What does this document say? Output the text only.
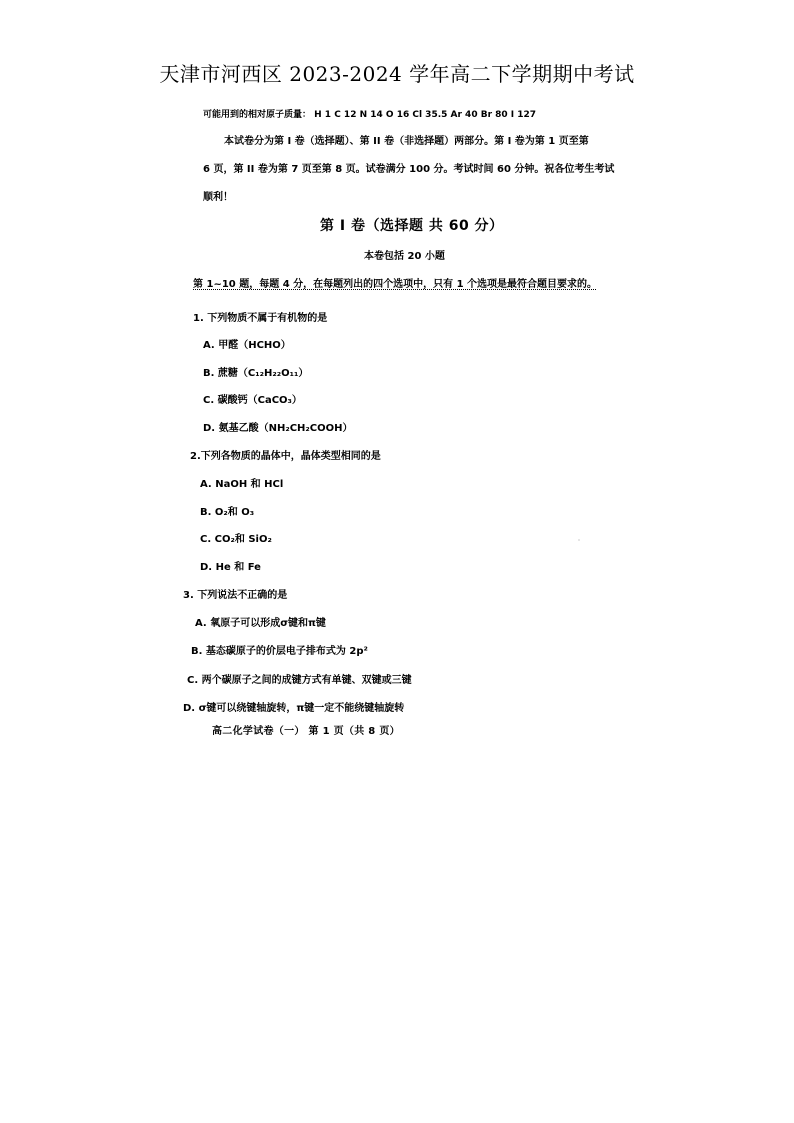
天津市河西区 2023-2024 学年高二下学期期中考试
可能用到的相对原子质量： H 1 C 12 N 14 O 16 Cl 35.5 Ar 40 Br 80 I 127
本试卷分为第 I 卷（选择题）、第 II 卷（非选择题）两部分。第 I 卷为第 1 页至第
6 页，第 II 卷为第 7 页至第 8 页。试卷满分 100 分。考试时间 60 分钟。祝各位考生考试
顺利！
第 I 卷（选择题 共 60 分）
本卷包括 20 小题
第 1~10 题，每题 4 分，在每题列出的四个选项中，只有 1 个选项是最符合题目要求的。
1. 下列物质不属于有机物的是
A. 甲醛（HCHO）
B. 蔗糖（C₁₂H₂₂O₁₁）
C. 碳酸钙（CaCO₃）
D. 氨基乙酸（NH₂CH₂COOH）
2.下列各物质的晶体中，晶体类型相同的是
A. NaOH 和 HCl
B. O₂和 O₃
C. CO₂和 SiO₂
D. He 和 Fe
3. 下列说法不正确的是
A. 氧原子可以形成σ键和π键
B. 基态碳原子的价层电子排布式为 2p²
C. 两个碳原子之间的成键方式有单键、双键或三键
D. σ键可以绕键轴旋转，π键一定不能绕键轴旋转
高二化学试卷（一） 第 1 页（共 8 页）
